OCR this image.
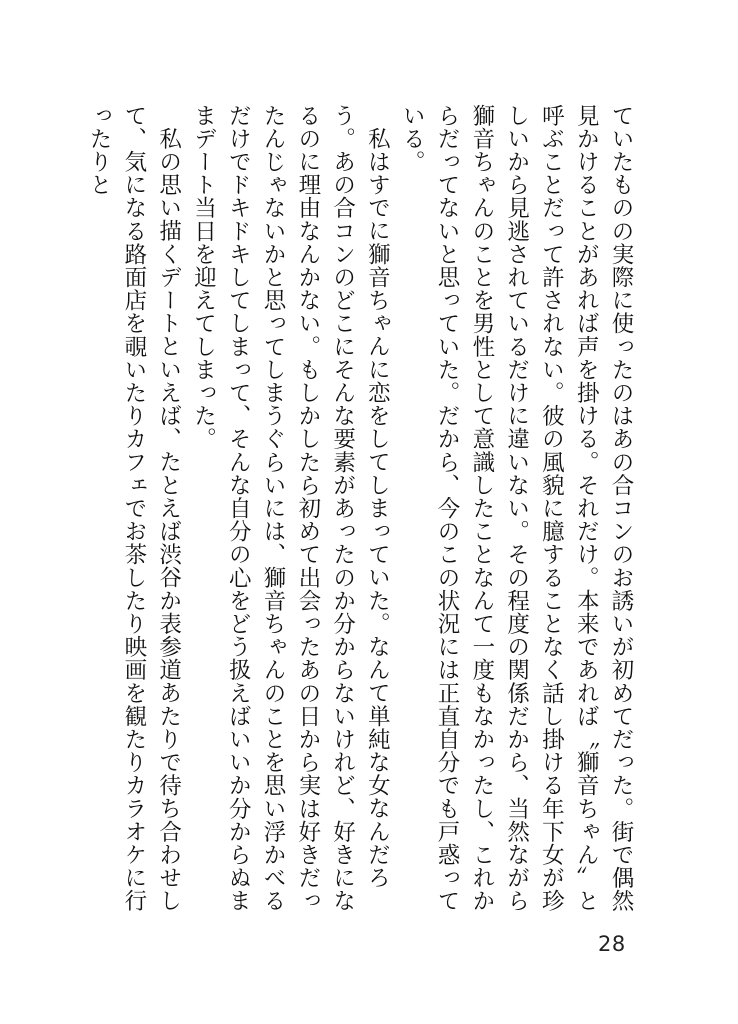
ていたものの実際に使ったのはあの合コンのお誘いが初めてだった。街で偶然見かけることがあれば声を掛ける。それだけ。本来であれば〝獅音ちゃん〟と呼ぶことだって許されない。彼の風貌に臆することなく話し掛ける年下女が珍しいから見逃されているだけに違いない。その程度の関係だから、当然ながら獅音ちゃんのことを男性として意識したことなんて一度もなかったし、これからだってないと思っていた。だから、今のこの状況には正直自分でも戸惑っている。

私はすでに獅音ちゃんに恋をしてしまっていた。なんて単純な女なんだろう。あの合コンのどこにそんな要素があったのか分からないけれど、好きになるのに理由なんかない。もしかしたら初めて出会ったあの日から実は好きだったんじゃないかと思ってしまうぐらいには、獅音ちゃんのことを思い浮かべるだけでドキドキしてしまって、そんな自分の心をどう扱えばいいか分からぬままデート当日を迎えてしまった。

私の思い描くデートといえば、たとえば渋谷か表参道あたりで待ち合わせして、気になる路面店を覗いたりカフェでお茶したり映画を観たりカラオケに行ったりと

28
